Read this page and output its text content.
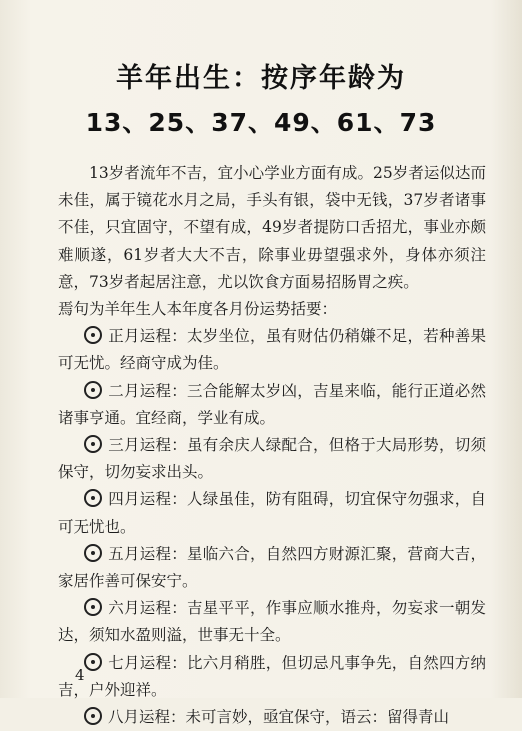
羊年出生：按序年龄为
13、25、37、49、61、73

13岁者流年不吉，宜小心学业方面有成。25岁者运似达而未佳，属于镜花水月之局，手头有银，袋中无钱，37岁者诸事不佳，只宜固守，不望有成，49岁者提防口舌招尤，事业亦颇难顺遂，61岁者大大不吉，除事业毋望强求外，身体亦须注意，73岁者起居注意，尤以饮食方面易招肠胃之疾。

焉句为羊年生人本年度各月份运势括要：

正月运程：太岁坐位，虽有财估仍稍嫌不足，若种善果可无忧。经商守成为佳。

二月运程：三合能解太岁凶，吉星来临，能行正道必然诸事亨通。宜经商，学业有成。

三月运程：虽有余庆人绿配合，但格于大局形势，切须保守，切勿妄求出头。

四月运程：人绿虽佳，防有阻碍，切宜保守勿强求，自可无忧也。

五月运程：星临六合，自然四方财源汇聚，营商大吉，家居作善可保安宁。

六月运程：吉星平平，作事应顺水推舟，勿妄求一朝发达，须知水盈则溢，世事无十全。

七月运程：比六月稍胜，但切忌凡事争先，自然四方纳吉，户外迎祥。

八月运程：未可言妙，亟宜保守，语云：留得青山

4
